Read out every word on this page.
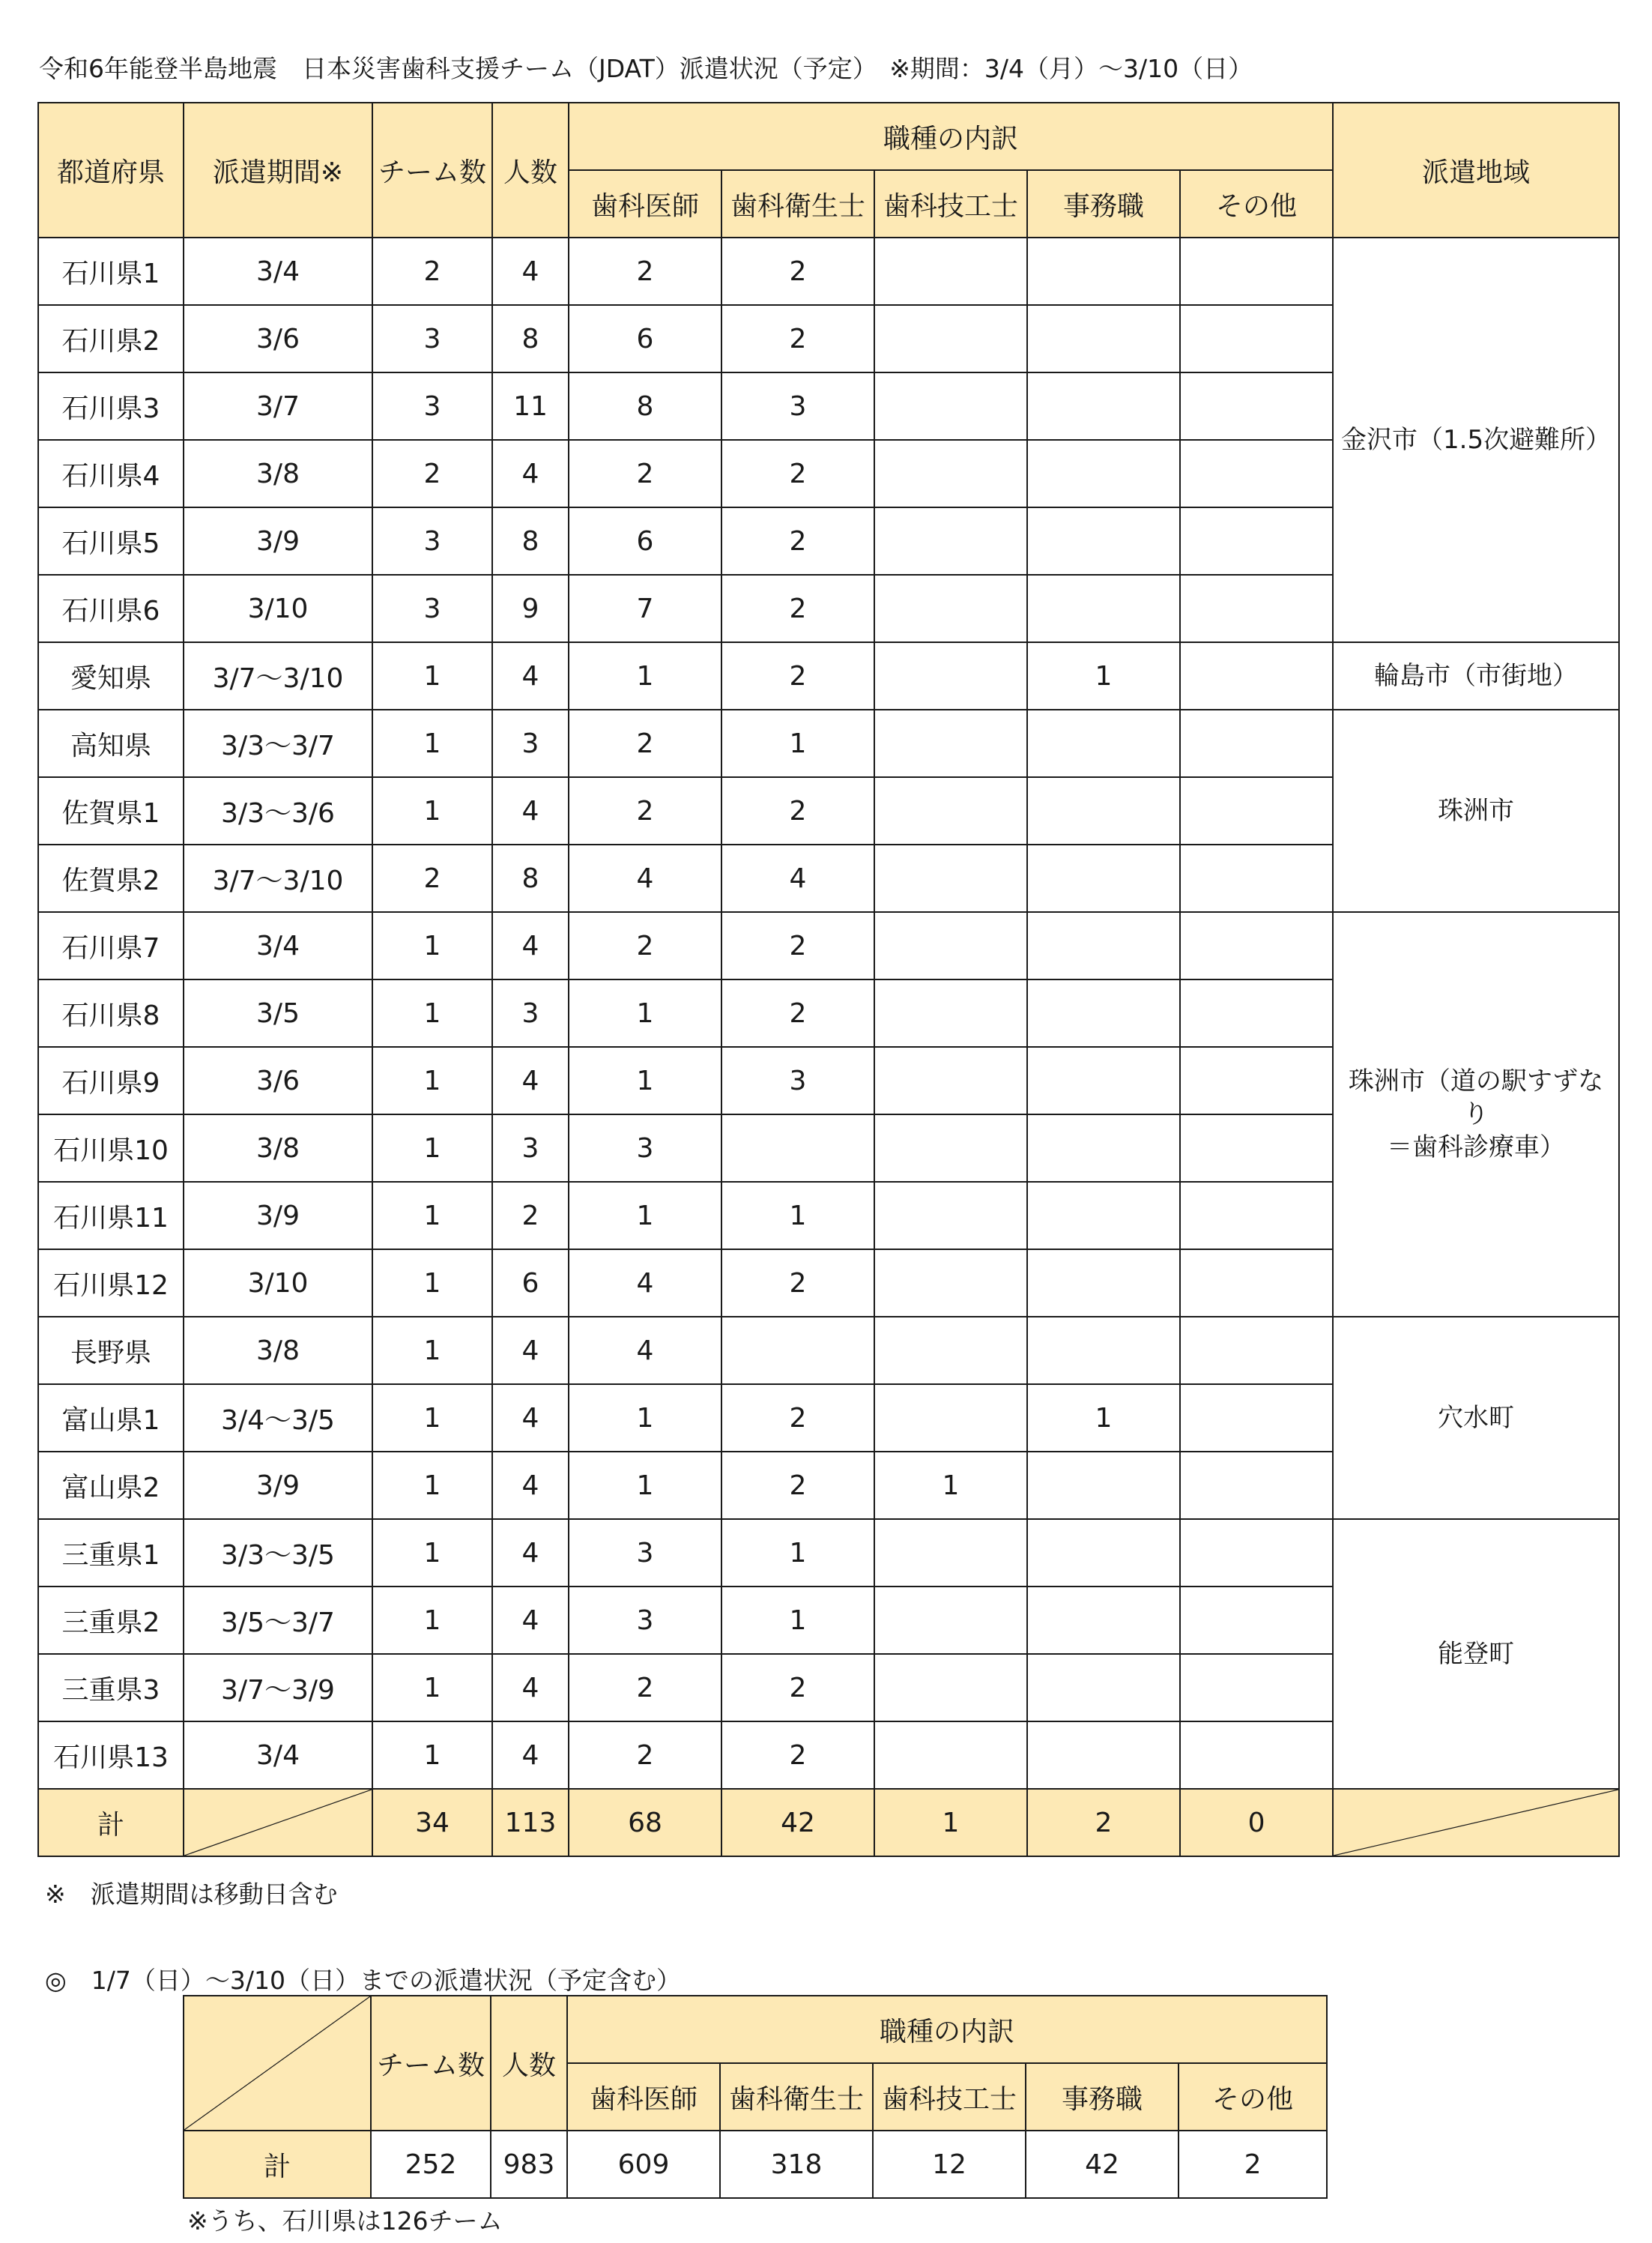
令和6年能登半島地震　日本災害歯科支援チーム（JDAT）派遣状況（予定）　※期間：3/4（月）～3/10（日）
都道府県	派遣期間※	チーム数	人数	職種の内訳					派遣地域
				歯科医師	歯科衛生士	歯科技工士	事務職	その他	
石川県1	3/4	2	4	2	2				金沢市（1.5次避難所）

石川県2	3/6	3	8	6	2				
石川県3	3/7	3	11	8	3				
石川県4	3/8	2	4	2	2				
石川県5	3/9	3	8	6	2				
石川県6	3/10	3	9	7	2				
愛知県	3/7～3/10	1	4	1	2		1		輪島市（市街地）

高知県	3/3～3/7	1	3	2	1				珠洲市

佐賀県1	3/3～3/6	1	4	2	2				
佐賀県2	3/7～3/10	2	8	4	4				
石川県7	3/4	1	4	2	2				珠洲市（道の駅すずなり
＝歯科診療車）

石川県8	3/5	1	3	1	2				
石川県9	3/6	1	4	1	3				
石川県10	3/8	1	3	3					
石川県11	3/9	1	2	1	1				
石川県12	3/10	1	6	4	2				
長野県	3/8	1	4	4					穴水町

富山県1	3/4～3/5	1	4	1	2		1		
富山県2	3/9	1	4	1	2	1			
三重県1	3/3～3/5	1	4	3	1				能登町

三重県2	3/5～3/7	1	4	3	1				
三重県3	3/7～3/9	1	4	2	2				
石川県13	3/4	1	4	2	2				
計		34	113	68	42	1	2	0	
※　派遣期間は移動日含む
◎　1/7（日）～3/10（日）までの派遣状況（予定含む）
	チーム数	人数	職種の内訳				
			歯科医師	歯科衛生士	歯科技工士	事務職	その他
計	252	983	609	318	12	42	2
※うち、石川県は126チーム
